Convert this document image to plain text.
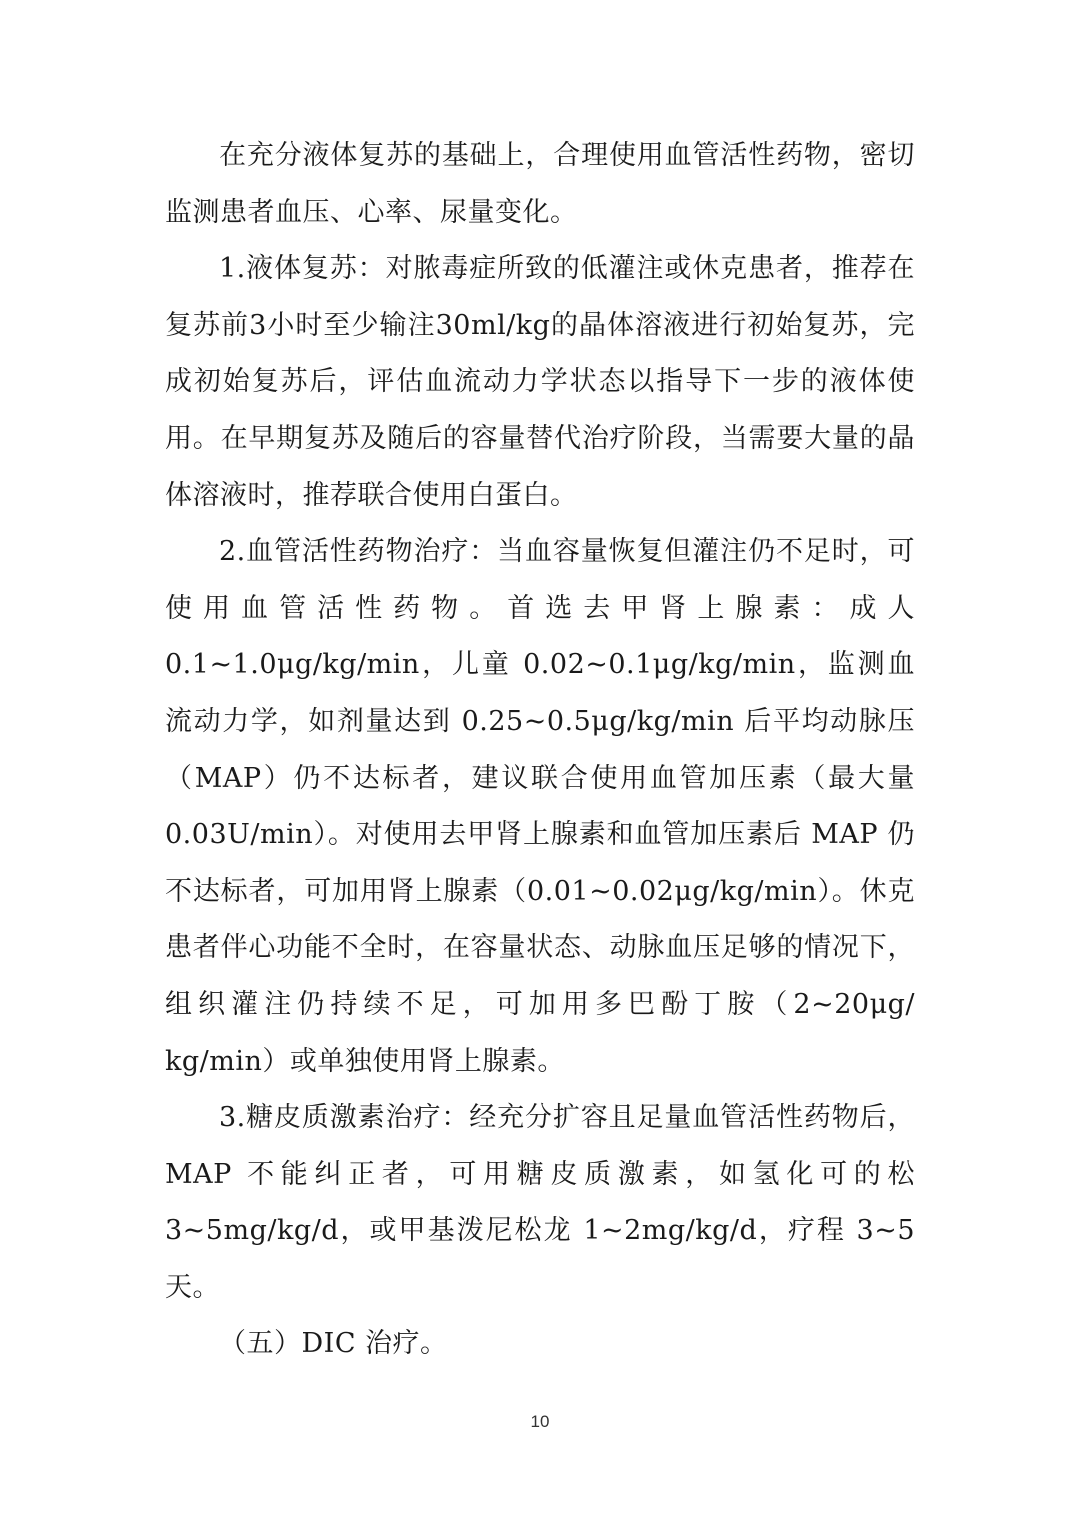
在充分液体复苏的基础上，合理使用血管活性药物，密切监测患者血压、心率、尿量变化。

1.液体复苏：对脓毒症所致的低灌注或休克患者，推荐在复苏前3小时至少输注30ml/kg的晶体溶液进行初始复苏，完成初始复苏后，评估血流动力学状态以指导下一步的液体使用。在早期复苏及随后的容量替代治疗阶段，当需要大量的晶体溶液时，推荐联合使用白蛋白。

2.血管活性药物治疗：当血容量恢复但灌注仍不足时，可使用血管活性药物。首选去甲肾上腺素：成人0.1~1.0μg/kg/min，儿童 0.02~0.1μg/kg/min，监测血流动力学，如剂量达到 0.25~0.5μg/kg/min 后平均动脉压（MAP）仍不达标者，建议联合使用血管加压素（最大量 0.03U/min）。对使用去甲肾上腺素和血管加压素后 MAP 仍不达标者，可加用肾上腺素（0.01~0.02μg/kg/min）。休克患者伴心功能不全时，在容量状态、动脉血压足够的情况下，组织灌注仍持续不足，可加用多巴酚丁胺（2~20μg/ kg/min）或单独使用肾上腺素。

3.糖皮质激素治疗：经充分扩容且足量血管活性药物后，MAP 不能纠正者，可用糖皮质激素，如氢化可的松3~5mg/kg/d，或甲基泼尼松龙 1~2mg/kg/d，疗程 3~5 天。

（五）DIC 治疗。

10
